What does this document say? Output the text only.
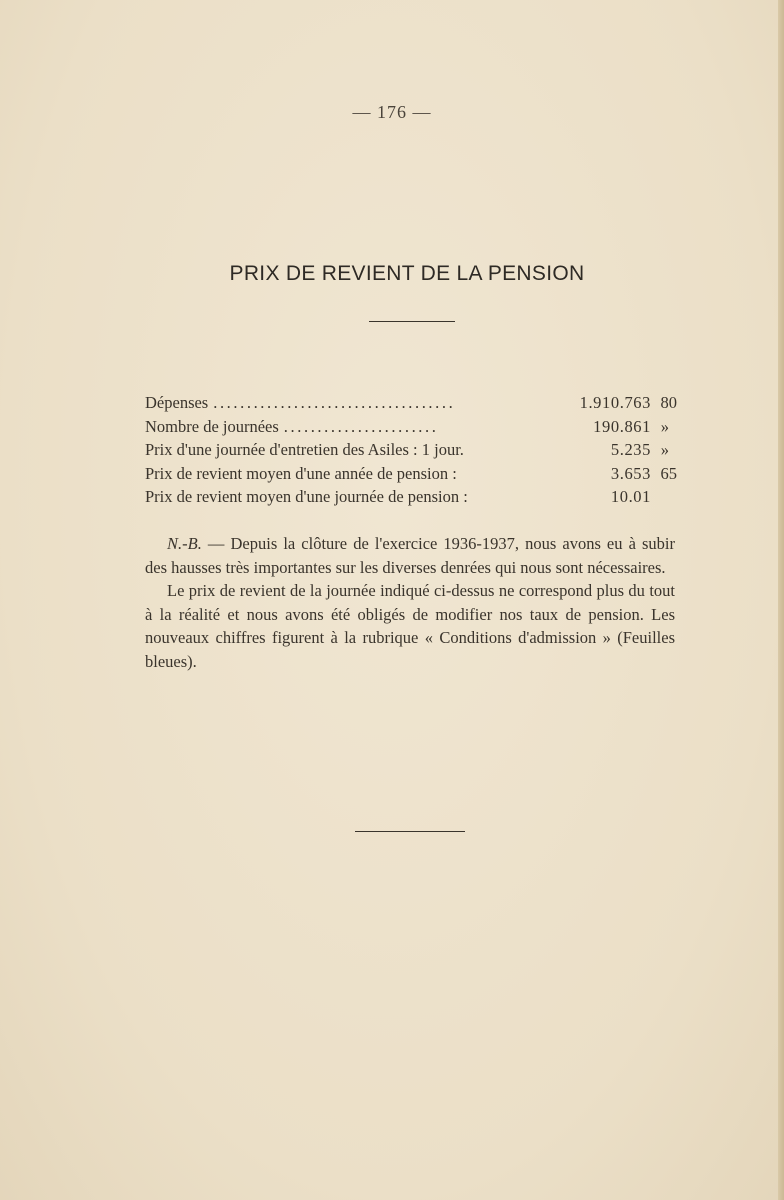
— 176 —
PRIX DE REVIENT DE LA PENSION
Dépenses ....................................	1.910.763 80
Nombre de journées .......................	190.861 »
Prix d'une journée d'entretien des Asiles : 1 jour.	5.235 »
Prix de revient moyen d'une année de pension :	3.653 65
Prix de revient moyen d'une journée de pension :	10.01

N.-B. — Depuis la clôture de l'exercice 1936-1937, nous avons eu à subir des hausses très importantes sur les diverses denrées qui nous sont nécessaires.

Le prix de revient de la journée indiqué ci-dessus ne correspond plus du tout à la réalité et nous avons été obligés de modifier nos taux de pension. Les nouveaux chiffres figurent à la rubrique « Conditions d'admission » (Feuilles bleues).
